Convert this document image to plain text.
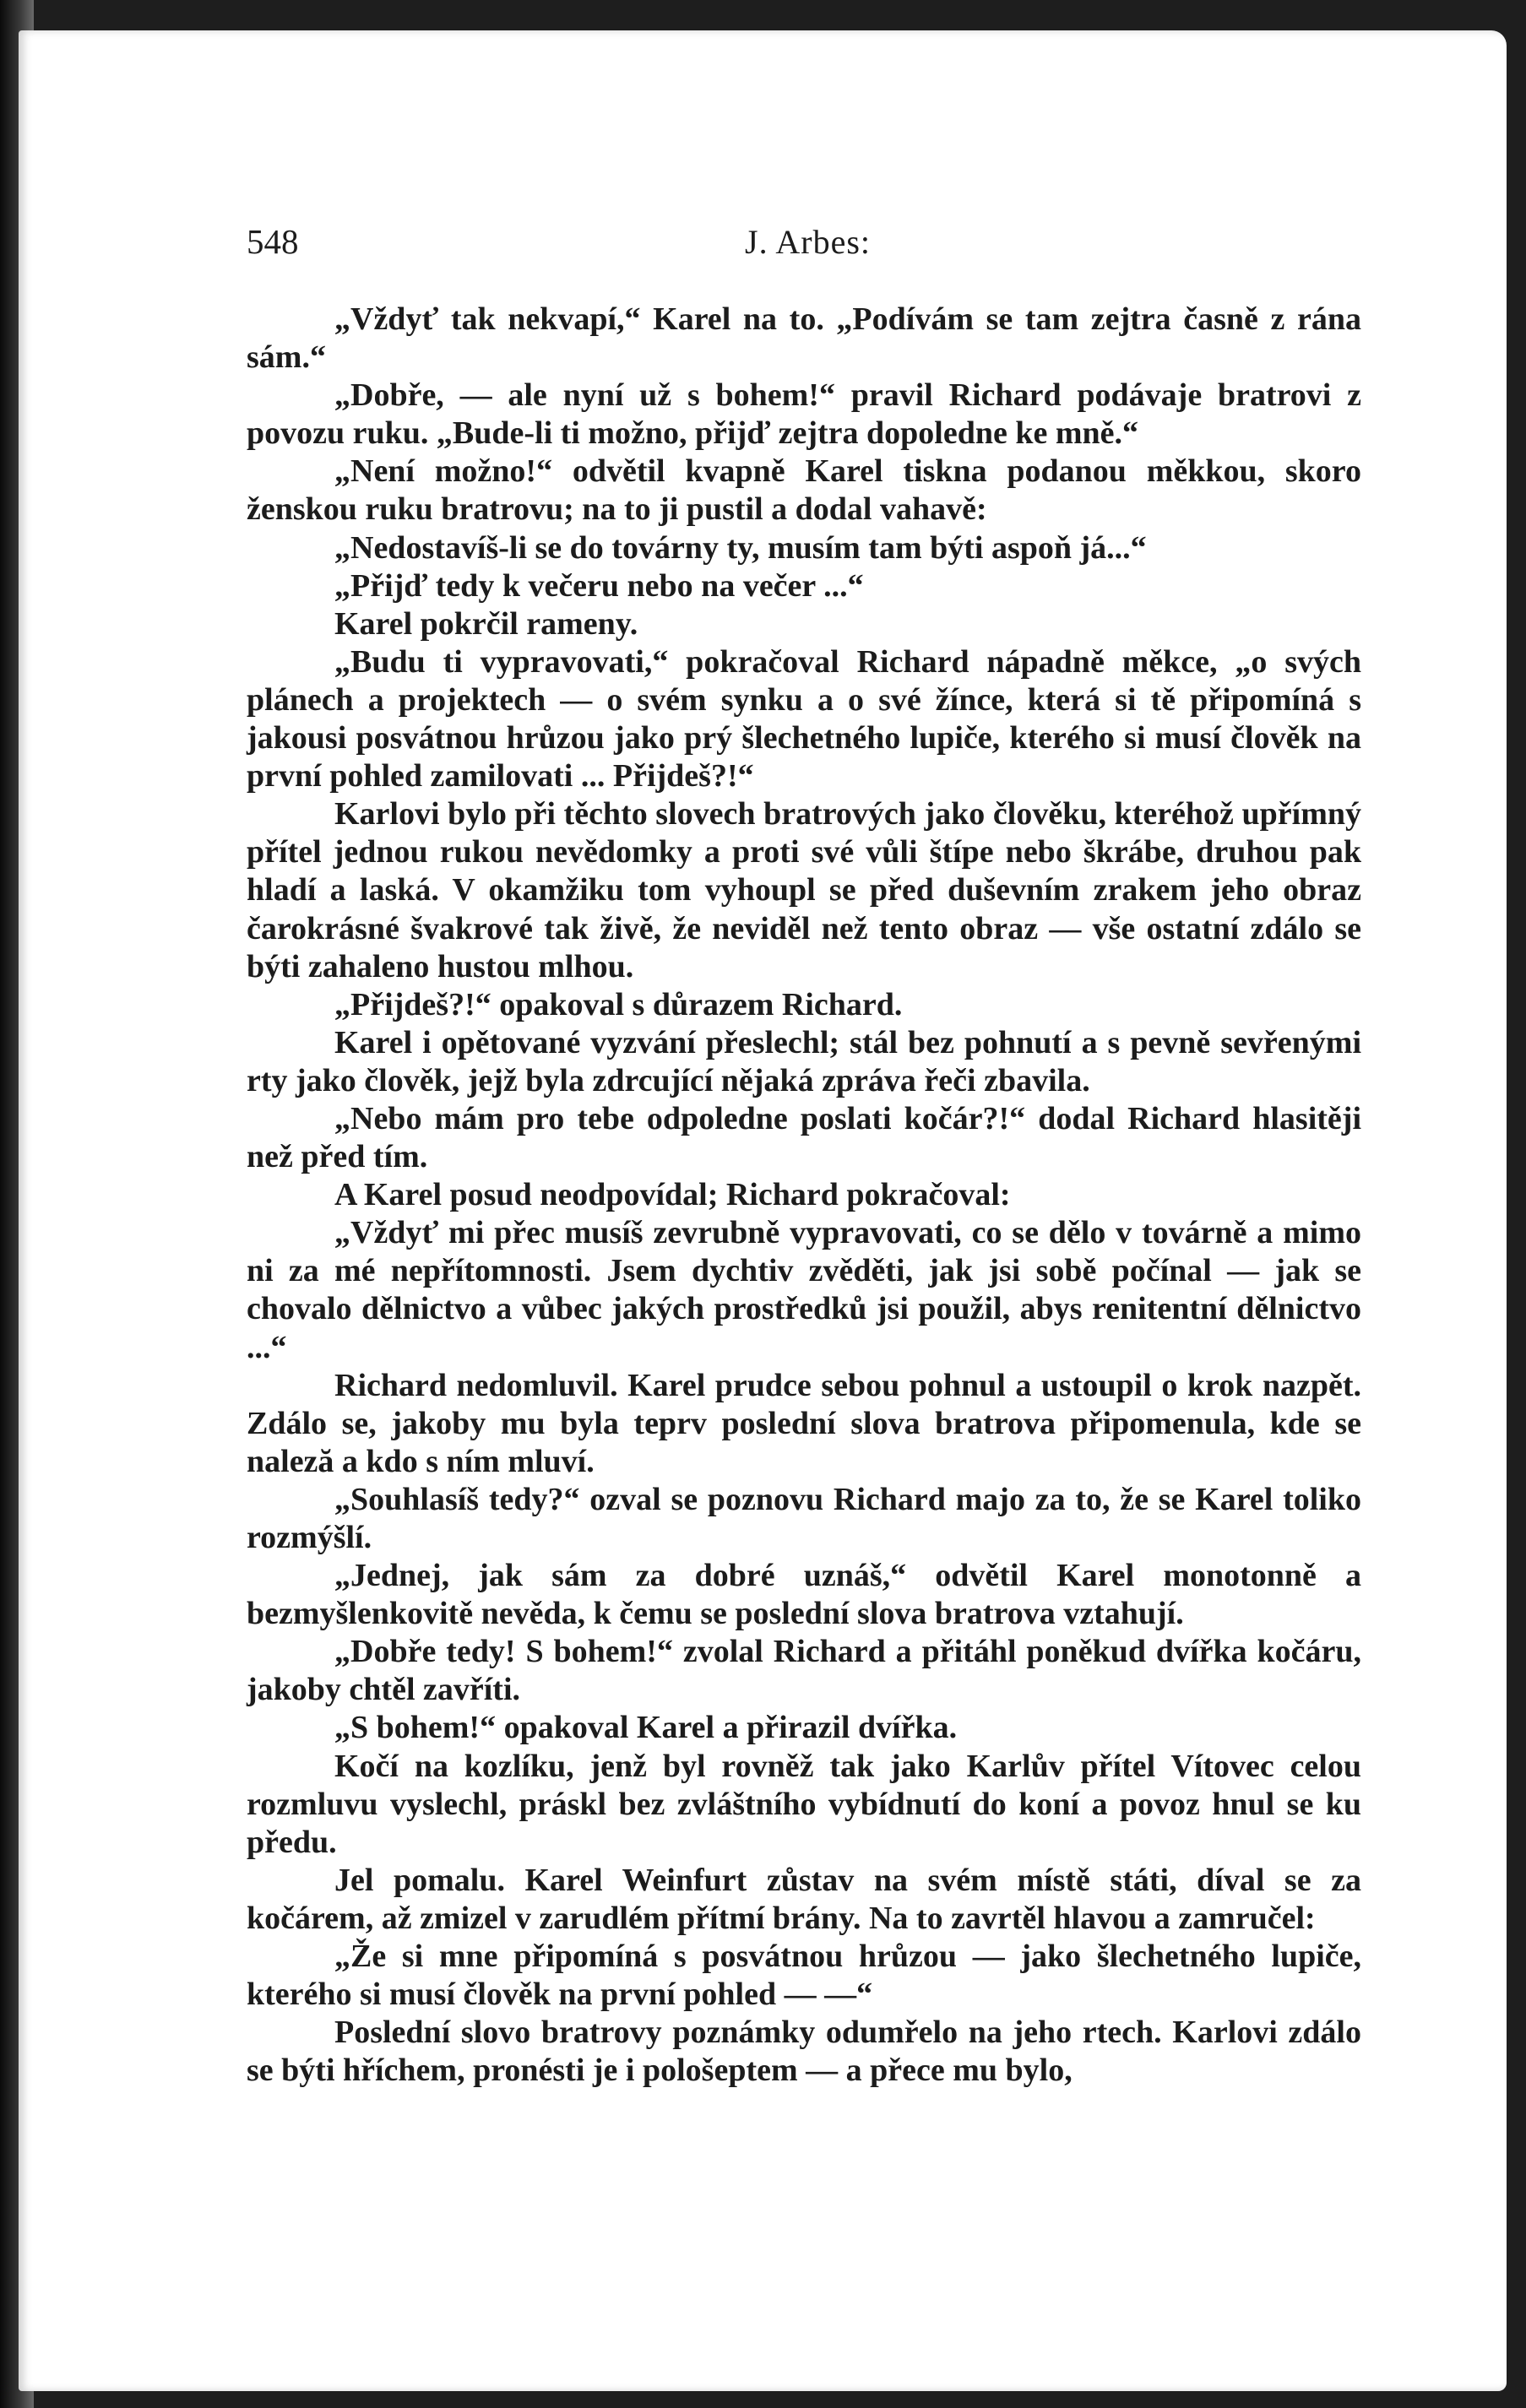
548	J. Arbes:

„Vždyť tak nekvapí,“ Karel na to. „Podívám se tam zejtra časně z rána sám.“

„Dobře, — ale nyní už s bohem!“ pravil Richard podávaje bratrovi z povozu ruku. „Bude-li ti možno, přijď zejtra dopoledne ke mně.“

„Není možno!“ odvětil kvapně Karel tiskna podanou měkkou, skoro ženskou ruku bratrovu; na to ji pustil a dodal vahavě:

„Nedostavíš-li se do továrny ty, musím tam býti aspoň já...“

„Přijď tedy k večeru nebo na večer ...“

Karel pokrčil rameny.

„Budu ti vypravovati,“ pokračoval Richard nápadně měkce, „o svých plánech a projektech — o svém synku a o své žínce, která si tě připomíná s jakousi posvátnou hrůzou jako prý šlechetného lupiče, kterého si musí člověk na první pohled zamilovati ... Přijdeš?!“

Karlovi bylo při těchto slovech bratrových jako člověku, kteréhož upřímný přítel jednou rukou nevědomky a proti své vůli štípe nebo škrábe, druhou pak hladí a laská. V okamžiku tom vyhoupl se před duševním zrakem jeho obraz čarokrásné švakrové tak živě, že neviděl než tento obraz — vše ostatní zdálo se býti zahaleno hustou mlhou.

„Přijdeš?!“ opakoval s důrazem Richard.

Karel i opětované vyzvání přeslechl; stál bez pohnutí a s pevně sevřenými rty jako člověk, jejž byla zdrcující nějaká zpráva řeči zbavila.

„Nebo mám pro tebe odpoledne poslati kočár?!“ dodal Richard hlasitěji než před tím.

A Karel posud neodpovídal; Richard pokračoval:

„Vždyť mi přec musíš zevrubně vypravovati, co se dělo v továrně a mimo ni za mé nepřítomnosti. Jsem dychtiv zvěděti, jak jsi sobě počínal — jak se chovalo dělnictvo a vůbec jakých prostředků jsi použil, abys renitentní dělnictvo ...“

Richard nedomluvil. Karel prudce sebou pohnul a ustoupil o krok nazpět. Zdálo se, jakoby mu byla teprv poslední slova bratrova připomenula, kde se naleză a kdo s ním mluví.

„Souhlasíš tedy?“ ozval se poznovu Richard majo za to, že se Karel toliko rozmýšlí.

„Jednej, jak sám za dobré uznáš,“ odvětil Karel monotonně a bezmyšlenkovitě nevěda, k čemu se poslední slova bratrova vztahují.

„Dobře tedy! S bohem!“ zvolal Richard a přitáhl poněkud dvířka kočáru, jakoby chtěl zavříti.

„S bohem!“ opakoval Karel a přirazil dvířka.

Kočí na kozlíku, jenž byl rovněž tak jako Karlův přítel Vítovec celou rozmluvu vyslechl, práskl bez zvláštního vybídnutí do koní a povoz hnul se ku předu.

Jel pomalu. Karel Weinfurt zůstav na svém místě státi, díval se za kočárem, až zmizel v zarudlém přítmí brány. Na to zavrtěl hlavou a zamručel:

„Že si mne připomíná s posvátnou hrůzou — jako šlechetného lupiče, kterého si musí člověk na první pohled — —“

Poslední slovo bratrovy poznámky odumřelo na jeho rtech. Karlovi zdálo se býti hříchem, pronésti je i pološeptem — a přece mu bylo,
